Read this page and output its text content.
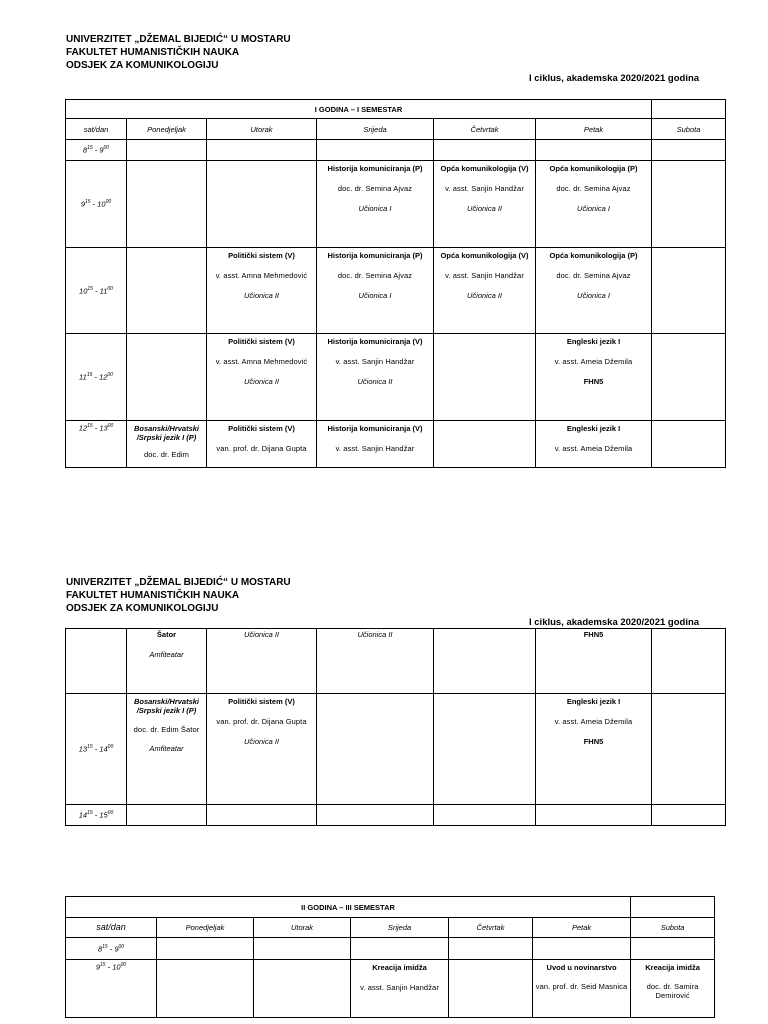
UNIVERZITET „DŽEMAL BIJEDIĆ“ U MOSTARU
FAKULTET HUMANISTIČKIH NAUKA
ODSJEK ZA KOMUNIKOLOGIJU
I ciklus, akademska 2020/2021 godina
I GODINA – I SEMESTAR						
sat/dan	Ponedjeljak	Utorak	Srijeda	Četvrtak	Petak	Subota
$8^{15} - 9^{00}$						
$9^{15} - 10^{00}$			Historija komuniciranja (P)
doc. dr. Semina Ajvaz
Učionica I	Opća komunikologija (V)
v. asst. Sanjin Handžar
Učionica II	Opća komunikologija (P)
doc. dr. Semina Ajvaz
Učionica I	

$10^{15} - 11^{00}$		Politički sistem (V)
v. asst. Amna Mehmedović
Učionica II	Historija komuniciranja (P)
doc. dr. Semina Ajvaz
Učionica I	Opća komunikologija (V)
v. asst. Sanjin Handžar
Učionica II	Opća komunikologija (P)
doc. dr. Semina Ajvaz
Učionica I	

$11^{15} - 12^{00}$		Politički sistem (V)
v. asst. Amna Mehmedović
Učionica II	Historija komuniciranja (V)
v. asst. Sanjin Handžar
Učionica II		Engleski jezik I
v. asst. Ameia Džemila
FHN5	

$12^{15} - 13^{00}$	Bosanski/Hrvatski /Srpski jezik I (P)
doc. dr. Edim	Politički sistem (V)
van. prof. dr. Dijana Gupta	Historija komuniciranja (V)
v. asst. Sanjin Handžar		Engleski jezik I
v. asst. Ameia Džemila	

UNIVERZITET „DŽEMAL BIJEDIĆ“ U MOSTARU
FAKULTET HUMANISTIČKIH NAUKA
ODSJEK ZA KOMUNIKOLOGIJU
I ciklus, akademska 2020/2021 godina

	Šator
Amfiteatar	Učionica II	Učionica II		FHN5	

$13^{15} - 14^{00}$	Bosanski/Hrvatski /Srpski jezik I (P)
doc. dr. Edim Šator
Amfiteatar	Politički sistem (V)
van. prof. dr. Dijana Gupta
Učionica II			Engleski jezik I
v. asst. Ameia Džemila
FHN5	

$14^{15} - 15^{00}$						
II GODINA – III SEMESTAR						
sat/dan	Ponedjeljak	Utorak	Srijeda	Četvrtak	Petak	Subota
$8^{15} - 9^{00}$						
$9^{15} - 10^{00}$			Kreacija imidža
v. asst. Sanjin Handžar		Uvod u novinarstvo
van. prof. dr. Seid Masnica	Kreacija imidža
doc. dr. Samira Demirović
